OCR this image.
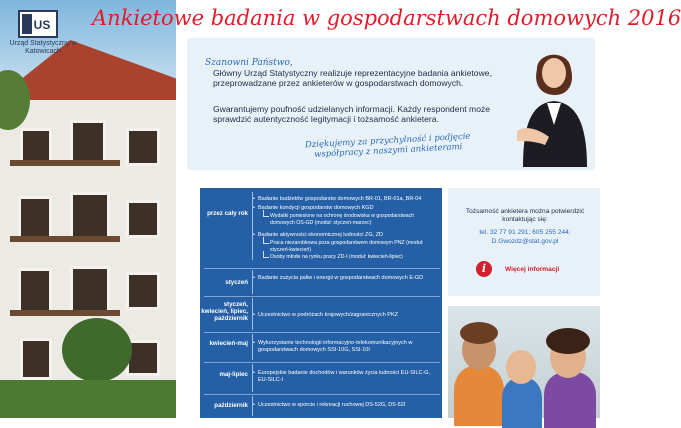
US
Urząd Statystyczny w Katowicach
Ankietowe badania w gospodarstwach domowych 2016
Szanowni Państwo,
Główny Urząd Statystyczny realizuje reprezentacyjne badania ankietowe, przeprowadzane przez ankieterów w gospodarstwach domowych.
Gwarantujemy poufność udzielanych informacji. Każdy respondent może sprawdzić autentyczność legitymacji i tożsamość ankietera.
Dziękujemy za przychylność i podjęcie współpracy z naszymi ankieterami
przez cały rok
• Badanie budżetów gospodarstw domowych BR-01, BR-01a, BR-04
• Badanie kondycji gospodarstw domowych KGD
Wydatki poniesione na ochronę środowiska w gospodarstwach domowych OS-GD (moduł: styczeń-marzec)
• Badanie aktywności ekonomicznej ludności ZG, ZD
Praca niezarobkowa poza gospodarstwem domowym PNZ (moduł: styczeń-kwiecień)
Osoby młode na rynku pracy ZD-I (moduł: kwiecień-lipiec)
styczeń
• Badanie zużycia paliw i energii w gospodarstwach domowych E-GD
styczeń, kwiecień, lipiec, październik • Uczestnictwo w podróżach krajowych/zagranicznych PKZ
kwiecień-maj • Wykorzystanie technologii informacyjno-telekomunikacyjnych w gospodarstwach domowych SSI-10G, SSI-10I
maj-lipiec • Europejskie badanie dochodów i warunków życia ludności EU-SILC-G, EU-SILC-I
październik • Uczestnictwo w sporcie i rekreacji ruchowej DS-52G, DS-52I
Tożsamość ankietera można potwierdzić kontaktując się:
tel. 32 77 91 291; 605 255 244;
D.Gwozdz@stat.gov.pl
i	Więcej informacji
